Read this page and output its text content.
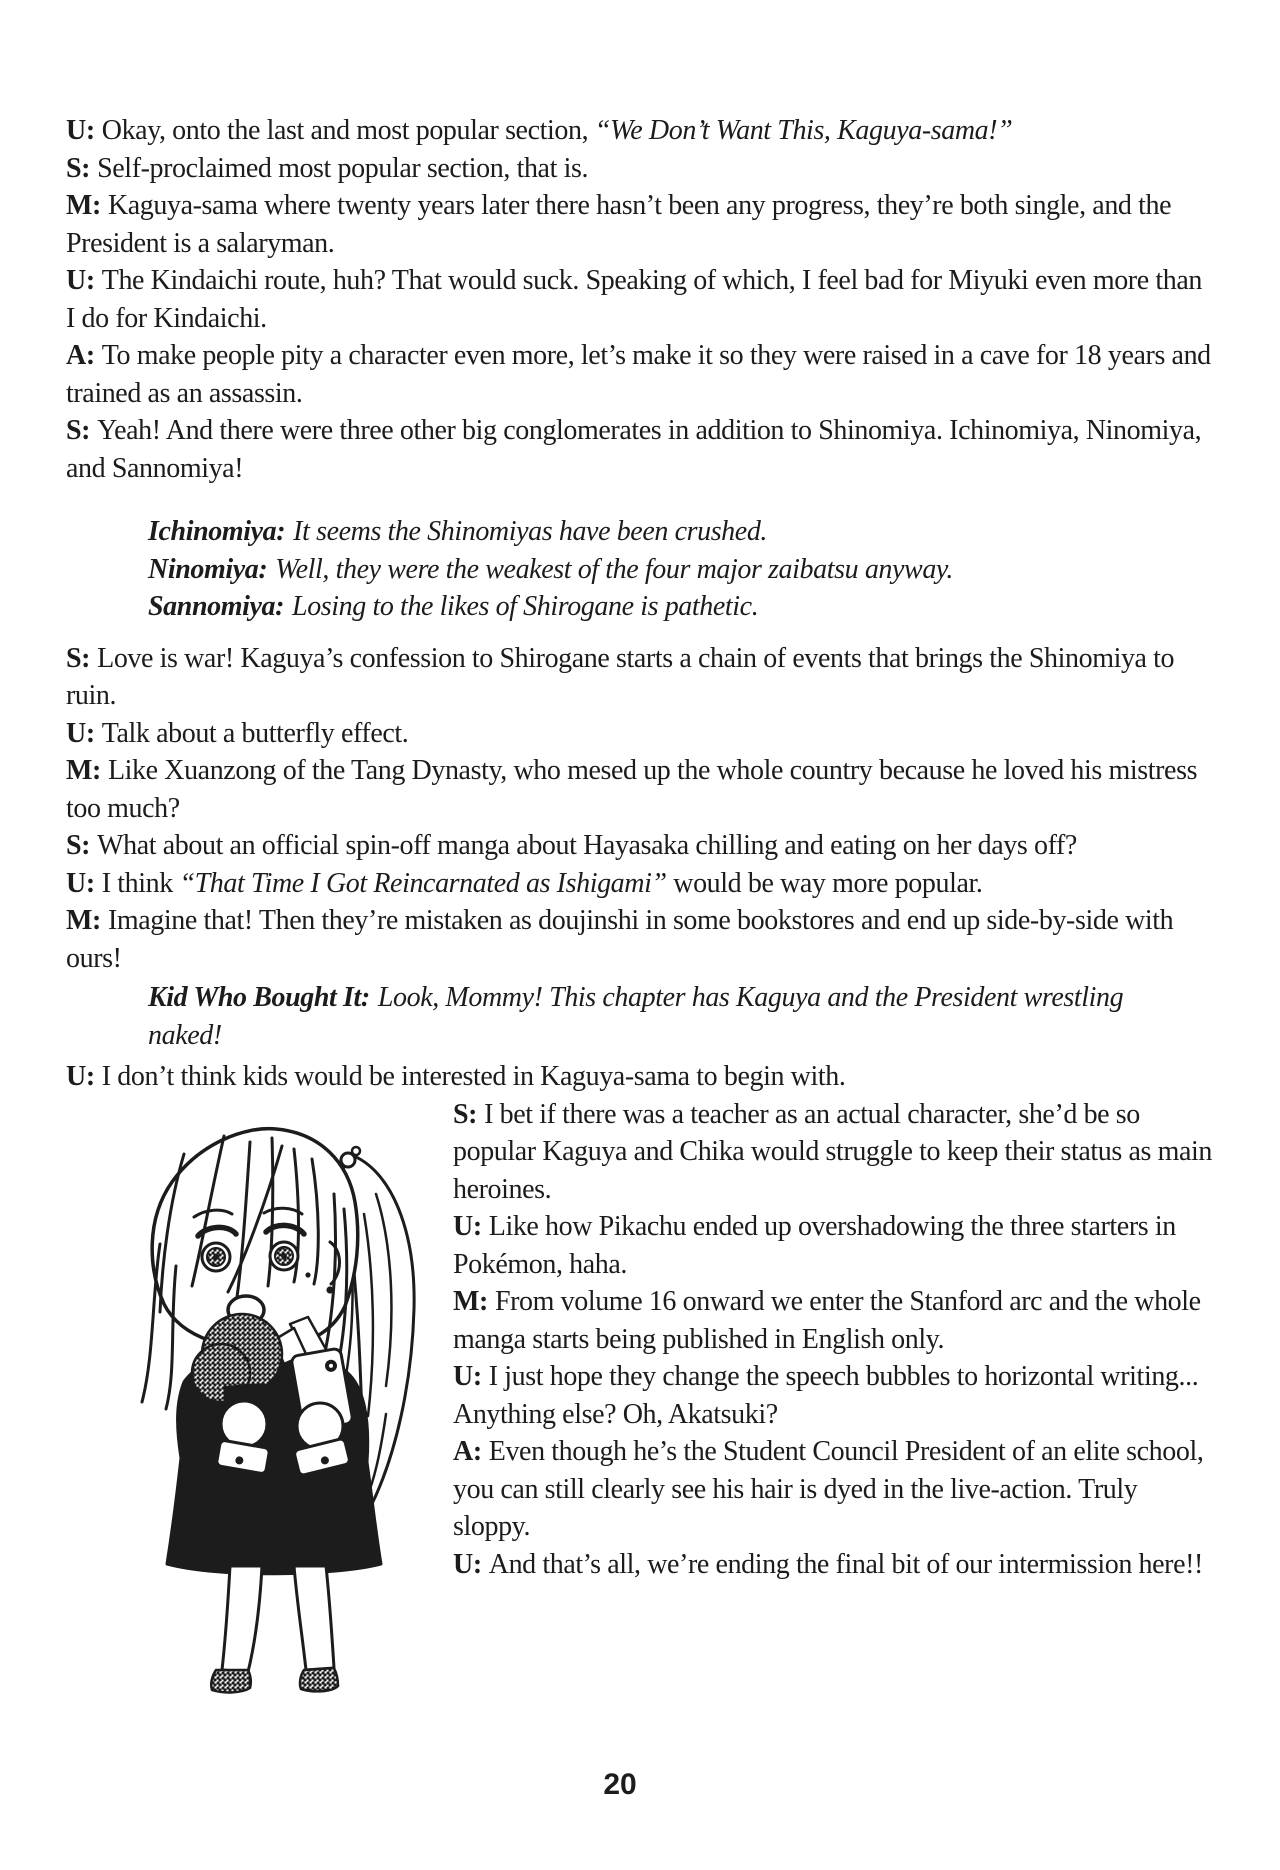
U: Okay, onto the last and most popular section, “We Don’t Want This, Kaguya-sama!”

S: Self-proclaimed most popular section, that is.

M: Kaguya-sama where twenty years later there hasn’t been any progress, they’re both single, and the President is a salaryman.

U: The Kindaichi route, huh? That would suck. Speaking of which, I feel bad for Miyuki even more than I do for Kindaichi.

A: To make people pity a character even more, let’s make it so they were raised in a cave for 18 years and trained as an assassin.

S: Yeah! And there were three other big conglomerates in addition to Shinomiya. Ichinomiya, Ninomiya, and Sannomiya!

Ichinomiya: It seems the Shinomiyas have been crushed.

Ninomiya: Well, they were the weakest of the four major zaibatsu anyway.

Sannomiya: Losing to the likes of Shirogane is pathetic.

S: Love is war! Kaguya’s confession to Shirogane starts a chain of events that brings the Shinomiya to ruin.

U: Talk about a butterfly effect.

M: Like Xuanzong of the Tang Dynasty, who mesed up the whole country because he loved his mistress too much?

S: What about an official spin-off manga about Hayasaka chilling and eating on her days off?

U: I think “That Time I Got Reincarnated as Ishigami” would be way more popular.

M: Imagine that! Then they’re mistaken as doujinshi in some bookstores and end up side-by-side with ours!

Kid Who Bought It: Look, Mommy! This chapter has Kaguya and the President wrestling naked!

U: I don’t think kids would be interested in Kaguya-sama to begin with.

S: I bet if there was a teacher as an actual character, she’d be so popular Kaguya and Chika would struggle to keep their status as main heroines.

U: Like how Pikachu ended up overshadowing the three starters in Pokémon, haha.

M: From volume 16 onward we enter the Stanford arc and the whole manga starts being published in English only.

U: I just hope they change the speech bubbles to horizontal writing... Anything else? Oh, Akatsuki?

A: Even though he’s the Student Council President of an elite school, you can still clearly see his hair is dyed in the live-action. Truly sloppy.

U: And that’s all, we’re ending the final bit of our intermission here!!

20
